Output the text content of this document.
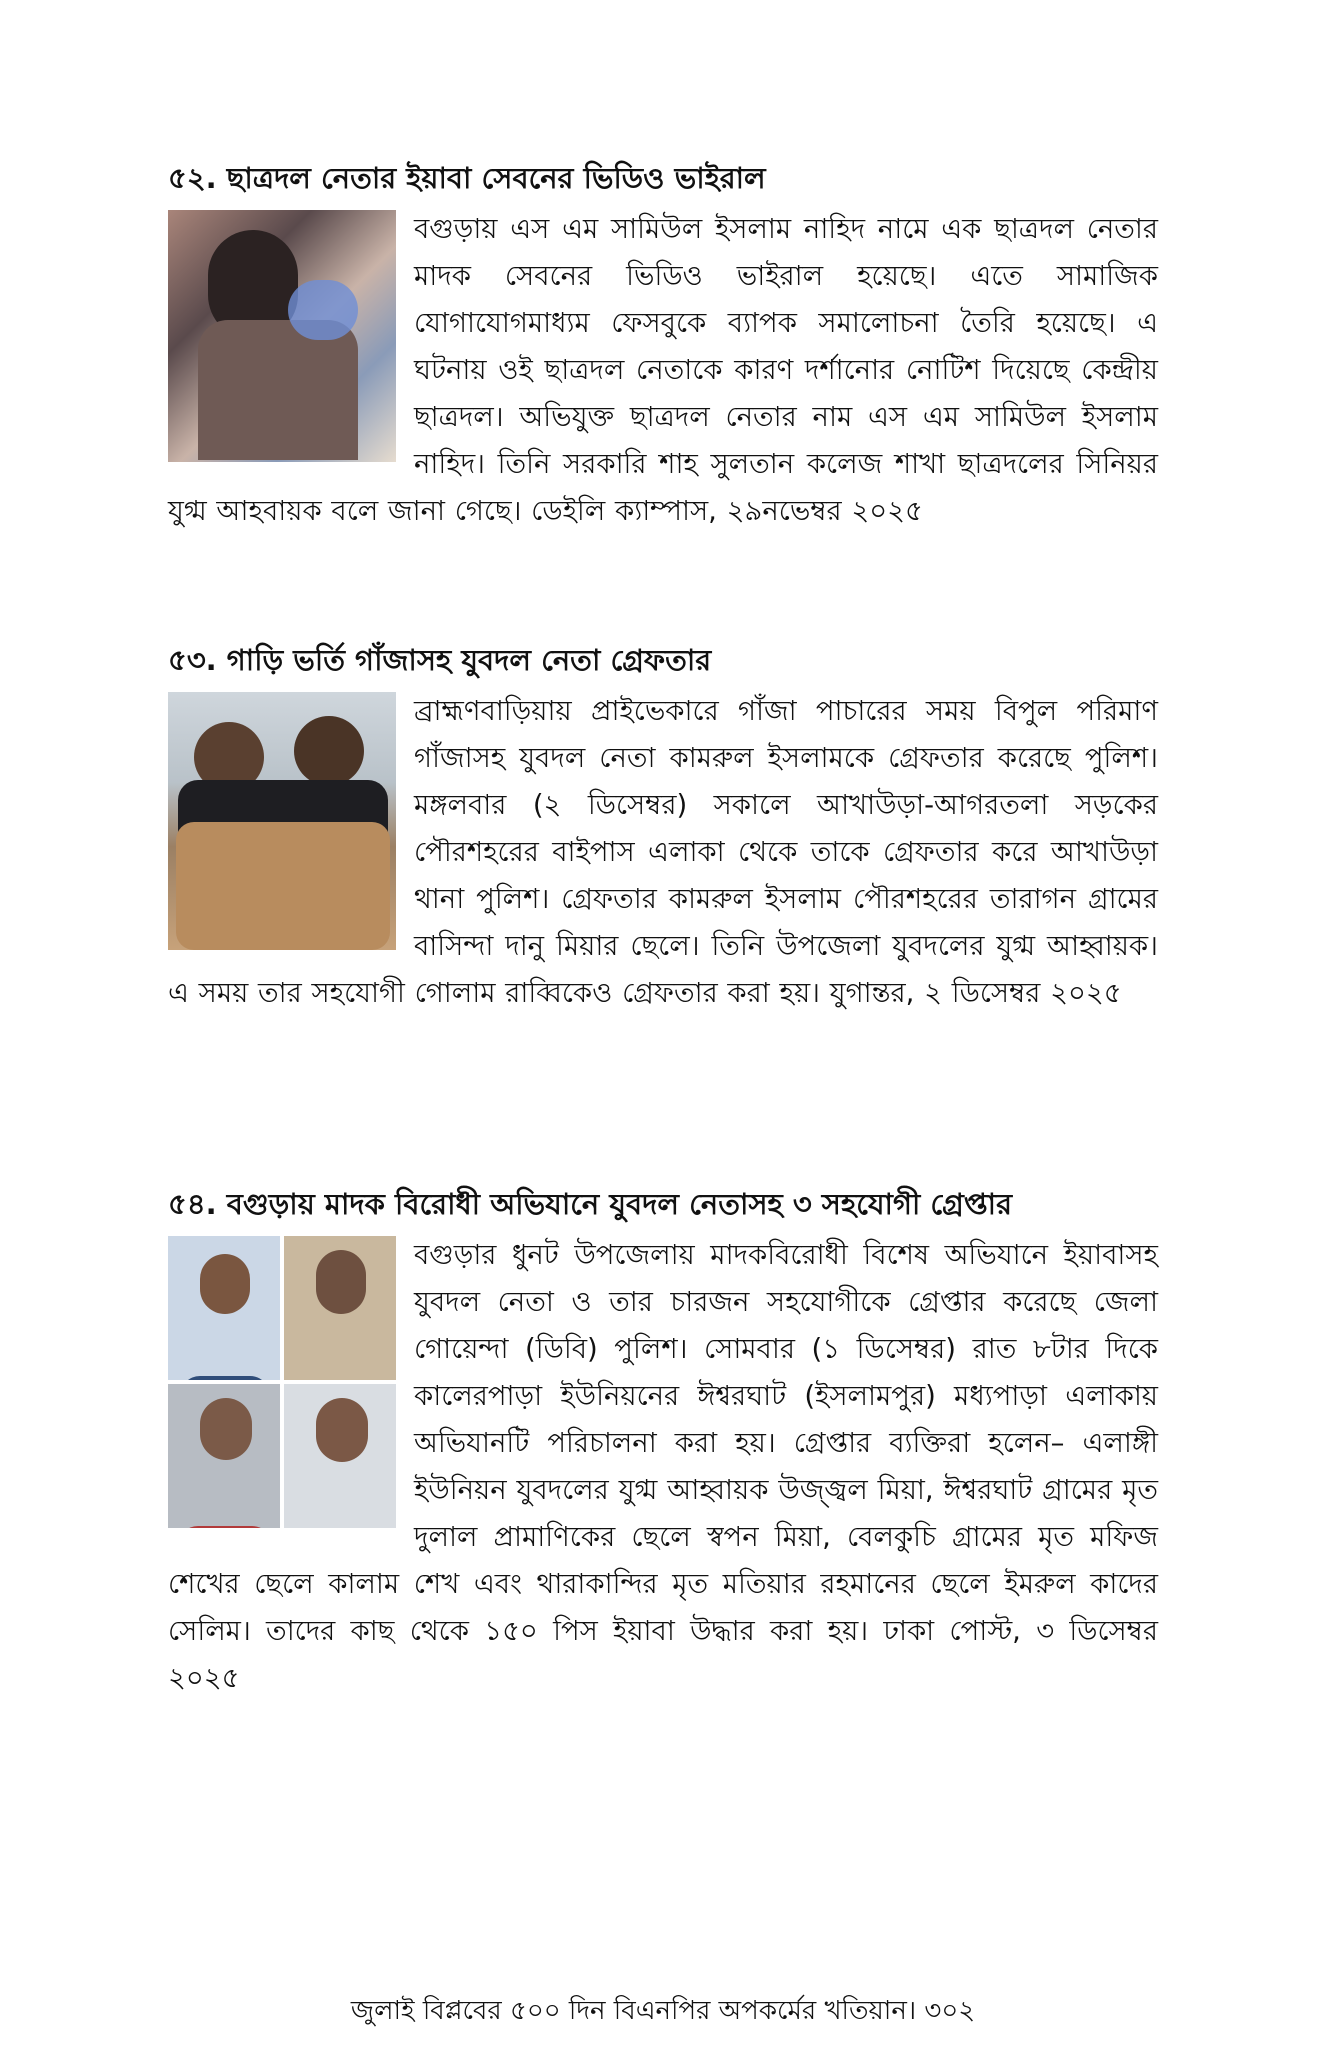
৫২. ছাত্রদল নেতার ইয়াবা সেবনের ভিডিও ভাইরাল
বগুড়ায় এস এম সামিউল ইসলাম নাহিদ নামে এক ছাত্রদল নেতার মাদক সেবনের ভিডিও ভাইরাল হয়েছে। এতে সামাজিক যোগাযোগমাধ্যম ফেসবুকে ব্যাপক সমালোচনা তৈরি হয়েছে। এ ঘটনায় ওই ছাত্রদল নেতাকে কারণ দর্শানোর নোটিশ দিয়েছে কেন্দ্রীয় ছাত্রদল। অভিযুক্ত ছাত্রদল নেতার নাম এস এম সামিউল ইসলাম নাহিদ। তিনি সরকারি শাহ সুলতান কলেজ শাখা ছাত্রদলের সিনিয়র যুগ্ম আহবায়ক বলে জানা গেছে। ডেইলি ক্যাম্পাস, ২৯নভেম্বর ২০২৫
৫৩. গাড়ি ভর্তি গাঁজাসহ যুবদল নেতা গ্রেফতার
ব্রাহ্মণবাড়িয়ায় প্রাইভেকারে গাঁজা পাচারের সময় বিপুল পরিমাণ গাঁজাসহ যুবদল নেতা কামরুল ইসলামকে গ্রেফতার করেছে পুলিশ। মঙ্গলবার (২ ডিসেম্বর) সকালে আখাউড়া-আগরতলা সড়কের পৌরশহরের বাইপাস এলাকা থেকে তাকে গ্রেফতার করে আখাউড়া থানা পুলিশ। গ্রেফতার কামরুল ইসলাম পৌরশহরের তারাগন গ্রামের বাসিন্দা দানু মিয়ার ছেলে। তিনি উপজেলা যুবদলের যুগ্ম আহ্বায়ক। এ সময় তার সহযোগী গোলাম রাব্বিকেও গ্রেফতার করা হয়। যুগান্তর, ২ ডিসেম্বর ২০২৫
৫৪. বগুড়ায় মাদক বিরোধী অভিযানে যুবদল নেতাসহ ৩ সহযোগী গ্রেপ্তার
বগুড়ার ধুনট উপজেলায় মাদকবিরোধী বিশেষ অভিযানে ইয়াবাসহ যুবদল নেতা ও তার চারজন সহযোগীকে গ্রেপ্তার করেছে জেলা গোয়েন্দা (ডিবি) পুলিশ। সোমবার (১ ডিসেম্বর) রাত ৮টার দিকে কালেরপাড়া ইউনিয়নের ঈশ্বরঘাট (ইসলামপুর) মধ্যপাড়া এলাকায় অভিযানটি পরিচালনা করা হয়। গ্রেপ্তার ব্যক্তিরা হলেন– এলাঙ্গী ইউনিয়ন যুবদলের যুগ্ম আহ্বায়ক উজ্জ্বল মিয়া, ঈশ্বরঘাট গ্রামের মৃত দুলাল প্রামাণিকের ছেলে স্বপন মিয়া, বেলকুচি গ্রামের মৃত মফিজ শেখের ছেলে কালাম শেখ এবং থারাকান্দির মৃত মতিয়ার রহমানের ছেলে ইমরুল কাদের সেলিম। তাদের কাছ থেকে ১৫০ পিস ইয়াবা উদ্ধার করা হয়। ঢাকা পোস্ট, ৩ ডিসেম্বর ২০২৫
জুলাই বিপ্লবের ৫০০ দিন বিএনপির অপকর্মের খতিয়ান। ৩০২
